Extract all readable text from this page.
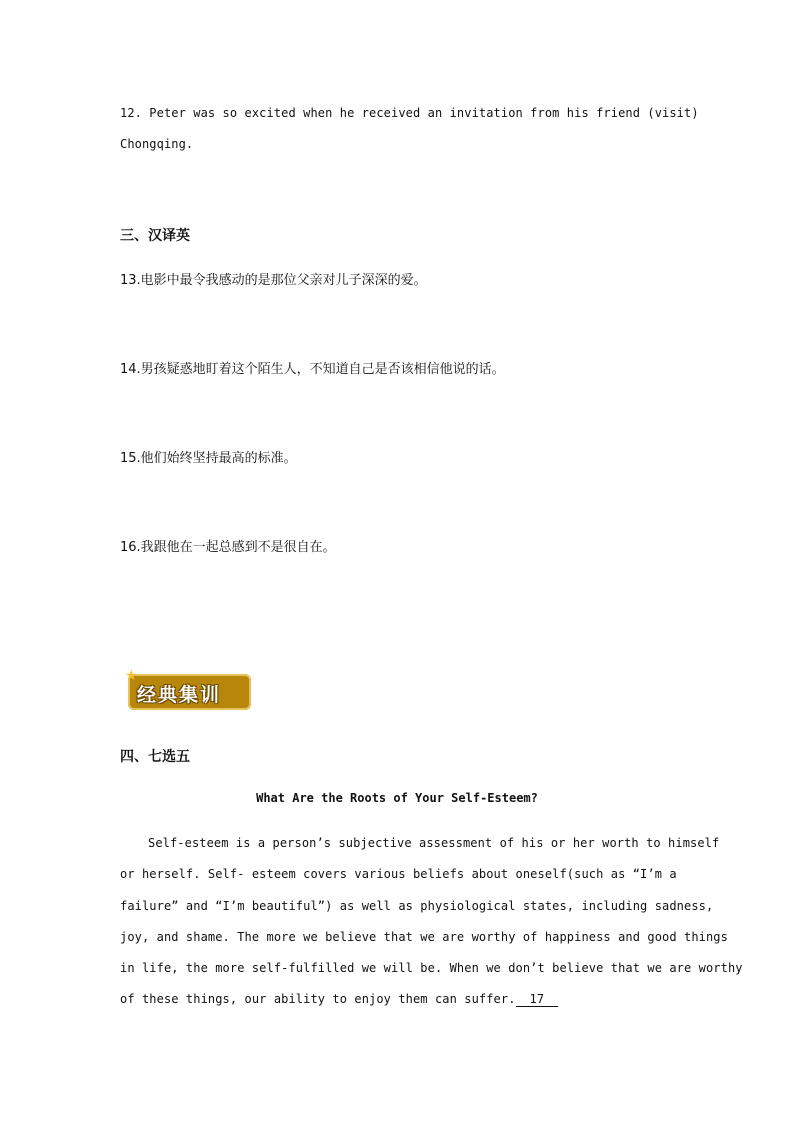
12. Peter was so excited when he received an invitation from his friend (visit)
Chongqing.
三、汉译英
13.电影中最令我感动的是那位父亲对儿子深深的爱。
14.男孩疑惑地盯着这个陌生人，不知道自己是否该相信他说的话。
15.他们始终坚持最高的标准。
16.我跟他在一起总感到不是很自在。
★
经典集训
四、七选五
What Are the Roots of Your Self-Esteem?
Self-esteem is a person’s subjective assessment of his or her worth to himself
or herself. Self- esteem covers various beliefs about oneself(such as “I’m a
failure” and “I’m beautiful”) as well as physiological states, including sadness,
joy, and shame. The more we believe that we are worthy of happiness and good things
in life, the more self-fulfilled we will be. When we don’t believe that we are worthy
of these things, our ability to enjoy them can suffer. 17
